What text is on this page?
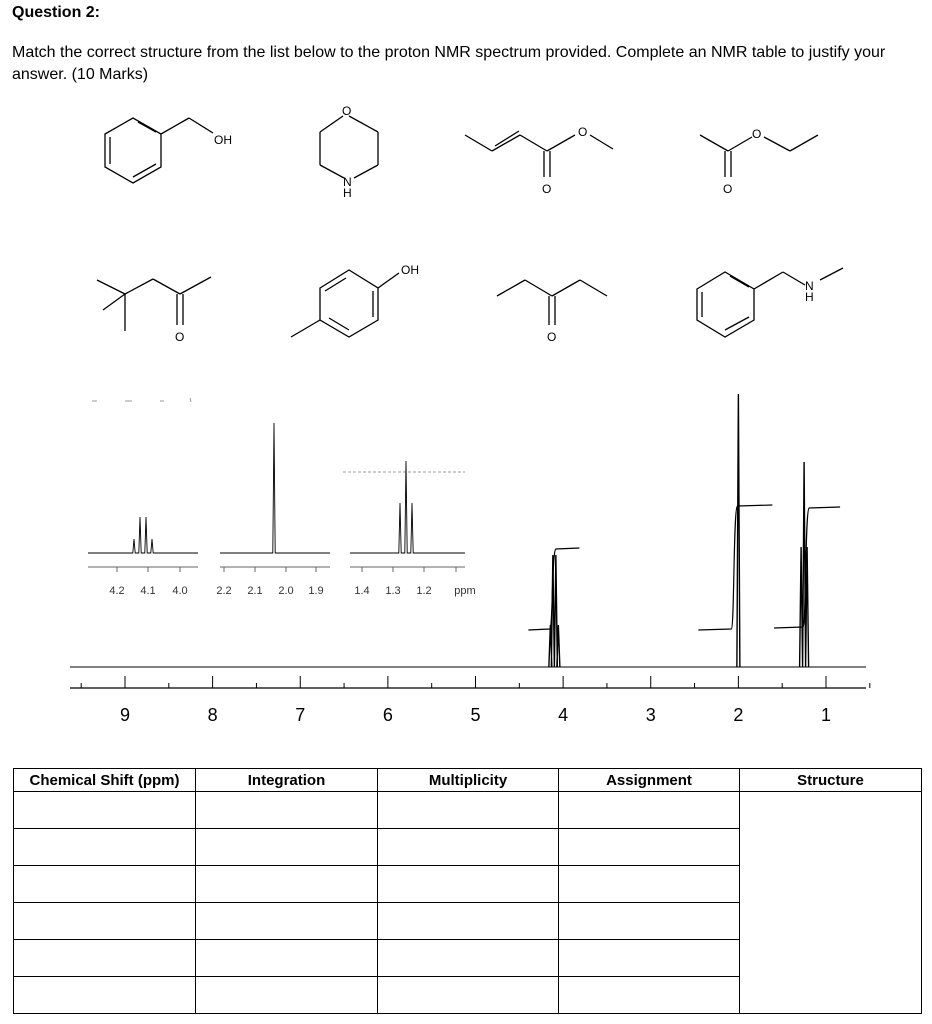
Question 2:
Match the correct structure from the list below to the proton NMR spectrum provided. Complete an NMR table to justify your answer. (10 Marks)
OH
O
N
H
O
O
O
O
O
OH
O
N
H
4.2 4.1 4.0	2.2 2.1 2.0 1.9	1.4 1.3 1.2 ppm
9	8	7	6	5	4	3	2	1
Chemical Shift (ppm)	Integration	Multiplicity	Assignment	Structure
